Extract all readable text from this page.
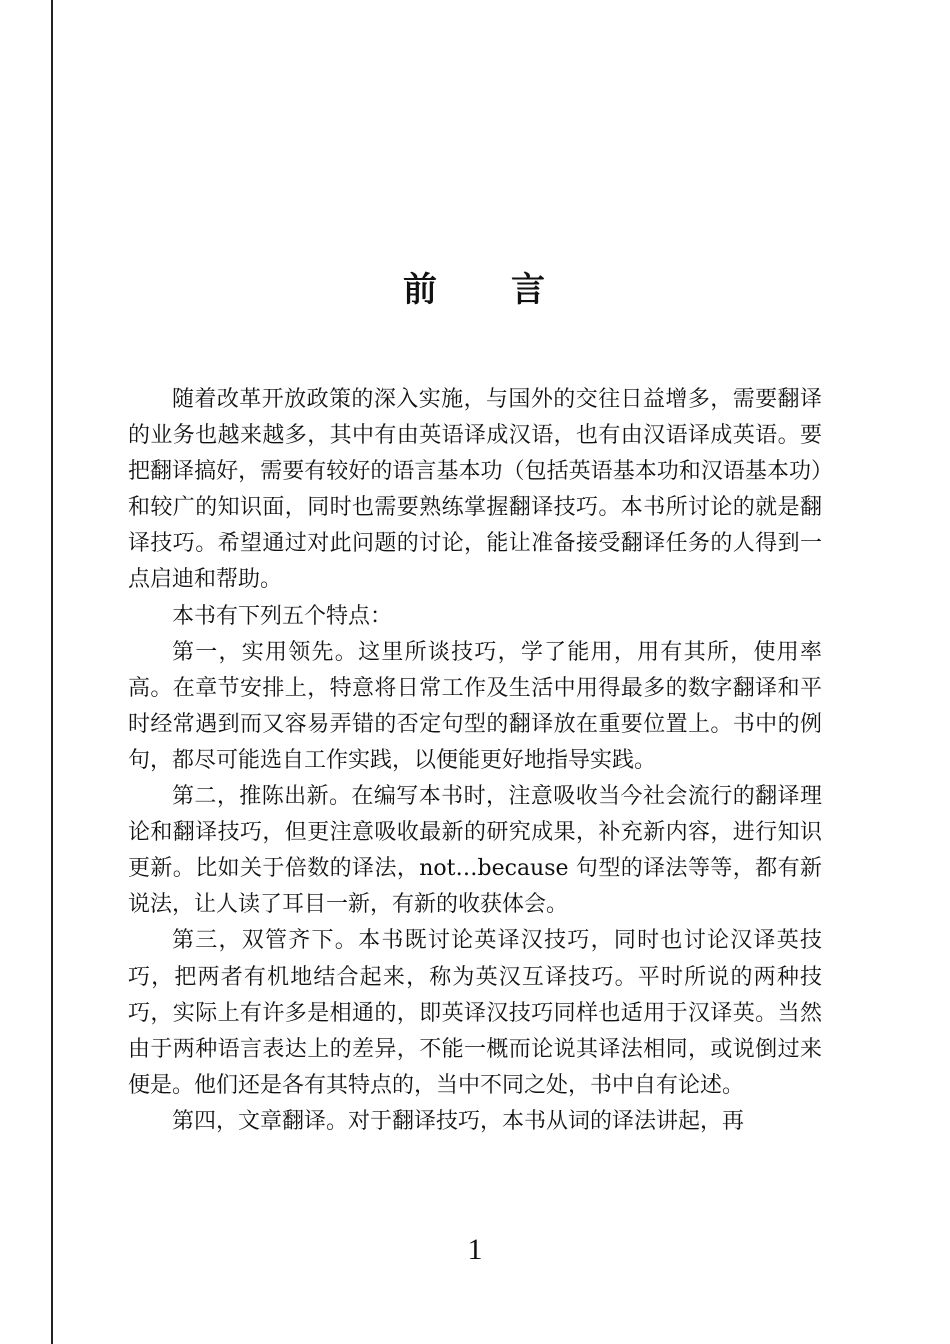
前 言

随着改革开放政策的深入实施，与国外的交往日益增多，需要翻译的业务也越来越多，其中有由英语译成汉语，也有由汉语译成英语。要把翻译搞好，需要有较好的语言基本功（包括英语基本功和汉语基本功）和较广的知识面，同时也需要熟练掌握翻译技巧。本书所讨论的就是翻译技巧。希望通过对此问题的讨论，能让准备接受翻译任务的人得到一点启迪和帮助。

本书有下列五个特点：

第一，实用领先。这里所谈技巧，学了能用，用有其所，使用率高。在章节安排上，特意将日常工作及生活中用得最多的数字翻译和平时经常遇到而又容易弄错的否定句型的翻译放在重要位置上。书中的例句，都尽可能选自工作实践，以便能更好地指导实践。

第二，推陈出新。在编写本书时，注意吸收当今社会流行的翻译理论和翻译技巧，但更注意吸收最新的研究成果，补充新内容，进行知识更新。比如关于倍数的译法，not…because 句型的译法等等，都有新说法，让人读了耳目一新，有新的收获体会。

第三，双管齐下。本书既讨论英译汉技巧，同时也讨论汉译英技巧，把两者有机地结合起来，称为英汉互译技巧。平时所说的两种技巧，实际上有许多是相通的，即英译汉技巧同样也适用于汉译英。当然由于两种语言表达上的差异，不能一概而论说其译法相同，或说倒过来便是。他们还是各有其特点的，当中不同之处，书中自有论述。

第四，文章翻译。对于翻译技巧，本书从词的译法讲起，再

1
